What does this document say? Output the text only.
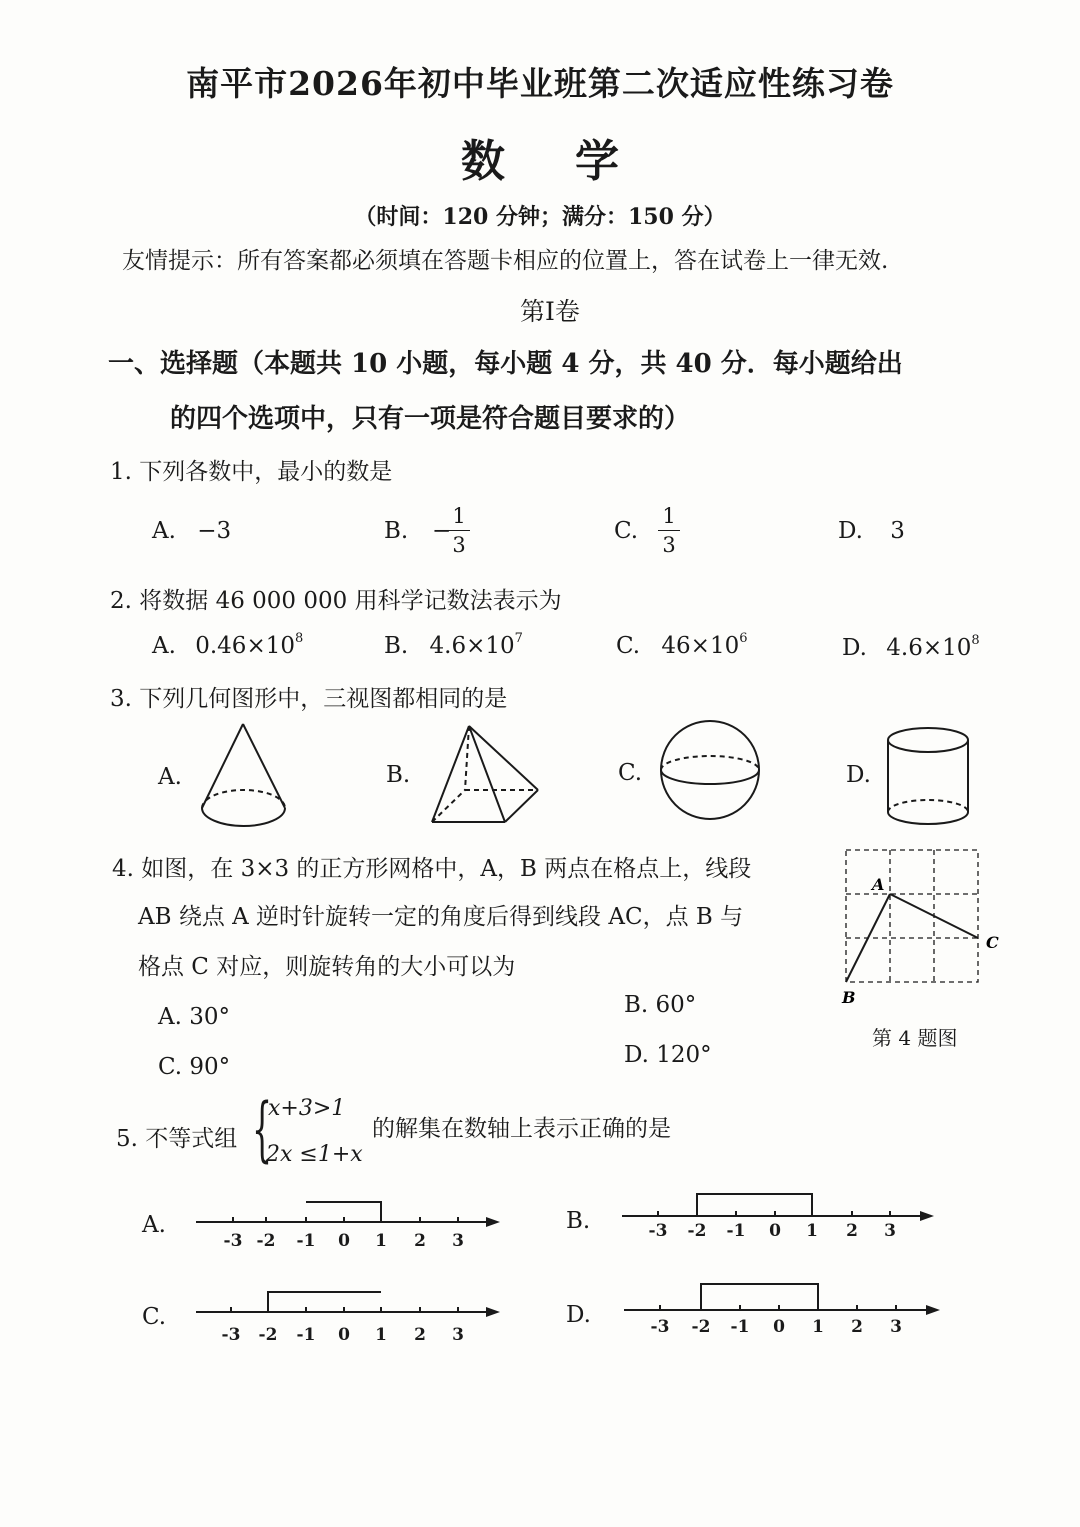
南平市2026年初中毕业班第二次适应性练习卷
数学
（时间：120 分钟；满分：150 分）
友情提示：所有答案都必须填在答题卡相应的位置上，答在试卷上一律无效.
第I卷
一、选择题（本题共 10 小题，每小题 4 分，共 40 分．每小题给出
的四个选项中，只有一项是符合题目要求的）
1. 下列各数中，最小的数是
A. −3	B. −
1
3
C.
1
3
D. 3
2. 将数据 46 000 000 用科学记数法表示为
A. $0.46\times 10^8$	B. $4.6\times 10^7$	C. $46\times 10^6$	D. $4.6\times 10^8$
3. 下列几何图形中，三视图都相同的是
A.	B.	C.	D.
A
B
C
-3 -2 -1 0 1 2 3	-3 -2 -1 0 1 2 3
-3 -2 -1 0 1 2 3	-3 -2 -1 0 1 2 3
4. 如图，在 3×3 的正方形网格中，A，B 两点在格点上，线段
AB 绕点 A 逆时针旋转一定的角度后得到线段 AC，点 B 与
格点 C 对应，则旋转角的大小可以为
A. 30°	B. 60°
C. 90°	D. 120°
第 4 题图
5. 不等式组 {
x+3>1
2x ≤1+x
的解集在数轴上表示正确的是
A.	B.
C.	D.
